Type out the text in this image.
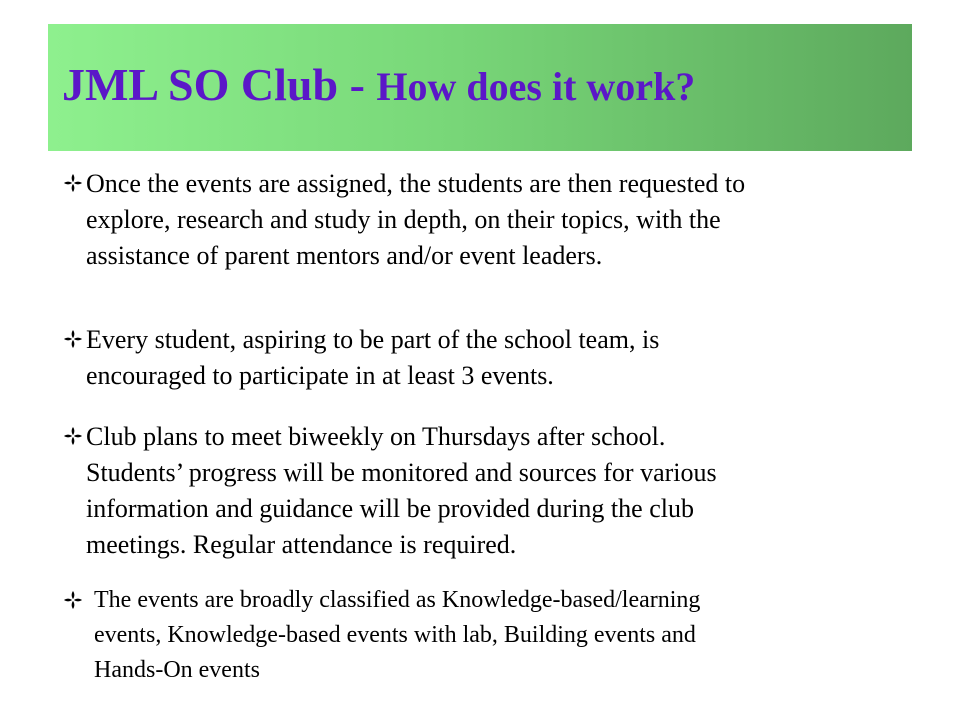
JML SO Club - How does it work?
Once the events are assigned, the students are then requested to
explore, research and study in depth, on their topics, with the
assistance of parent mentors and/or event leaders.
Every student, aspiring to be part of the school team, is
encouraged to participate in at least 3 events.
Club plans to meet biweekly on Thursdays after school.
Students’ progress will be monitored and sources for various
information and guidance will be provided during the club
meetings. Regular attendance is required.
The events are broadly classified as Knowledge-based/learning
events, Knowledge-based events with lab, Building events and
Hands-On events
